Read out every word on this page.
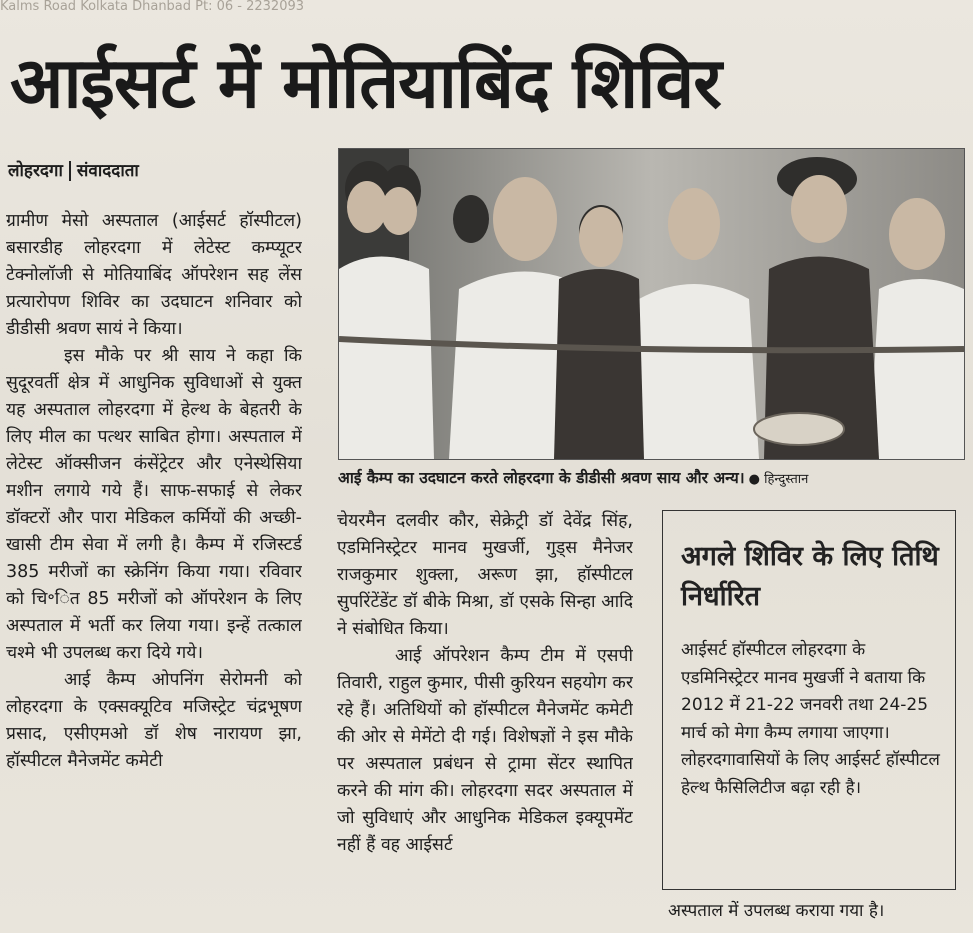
Kalms Road Kolkata Dhanbad Pt: 06 - 2232093
आईसर्ट में मोतियाबिंद शिविर
लोहरदगा संवाददाता

ग्रामीण मेसो अस्पताल (आईसर्ट हॉस्पीटल) बसारडीह लोहरदगा में लेटेस्ट कम्प्यूटर टेक्नोलॉजी से मोतियाबिंद ऑपरेशन सह लेंस प्रत्यारोपण शिविर का उदघाटन शनिवार को डीडीसी श्रवण सायं ने किया।

इस मौके पर श्री साय ने कहा कि सुदूरवर्ती क्षेत्र में आधुनिक सुविधाओं से युक्त यह अस्पताल लोहरदगा में हेल्थ के बेहतरी के लिए मील का पत्थर साबित होगा। अस्पताल में लेटेस्ट ऑक्सीजन कंसेंट्रेटर और एनेस्थेसिया मशीन लगाये गये हैं। साफ-सफाई से लेकर डॉक्टरों और पारा मेडिकल कर्मियों की अच्छी-खासी टीम सेवा में लगी है। कैम्प में रजिस्टर्ड 385 मरीजों का स्क्रेनिंग किया गया। रविवार को चि॰ित 85 मरीजों को ऑपरेशन के लिए अस्पताल में भर्ती कर लिया गया। इन्हें तत्काल चश्मे भी उपलब्ध करा दिये गये।

आई कैम्प ओपनिंग सेरोमनी को लोहरदगा के एक्सक्यूटिव मजिस्ट्रेट चंद्रभूषण प्रसाद, एसीएमओ डॉ शेष नारायण झा, हॉस्पीटल मैनेजमेंट कमेटी

आई कैम्प का उदघाटन करते लोहरदगा के डीडीसी श्रवण साय और अन्य। ● हिन्दुस्तान

चेयरमैन दलवीर कौर, सेक्रेट्री डॉ देवेंद्र सिंह, एडमिनिस्ट्रेटर मानव मुखर्जी, गुड्स मैनेजर राजकुमार शुक्ला, अरूण झा, हॉस्पीटल सुपरिंटेंडेंट डॉ बीके मिश्रा, डॉ एसके सिन्हा आदि ने संबोधित किया।

आई ऑपरेशन कैम्प टीम में एसपी तिवारी, राहुल कुमार, पीसी कुरियन सहयोग कर रहे हैं। अतिथियों को हॉस्पीटल मैनेजमेंट कमेटी की ओर से मेमेंटो दी गई। विशेषज्ञों ने इस मौके पर अस्पताल प्रबंधन से ट्रामा सेंटर स्थापित करने की मांग की। लोहरदगा सदर अस्पताल में जो सुविधाएं और आधुनिक मेडिकल इक्यूपमेंट नहीं हैं वह आईसर्ट

अगले शिविर के लिए तिथि निर्धारित
आईसर्ट हॉस्पीटल लोहरदगा के एडमिनिस्ट्रेटर मानव मुखर्जी ने बताया कि 2012 में 21-22 जनवरी तथा 24-25 मार्च को मेगा कैम्प लगाया जाएगा। लोहरदगावासियों के लिए आईसर्ट हॉस्पीटल हेल्थ फैसिलिटीज बढ़ा रही है।
अस्पताल में उपलब्ध कराया गया है।
